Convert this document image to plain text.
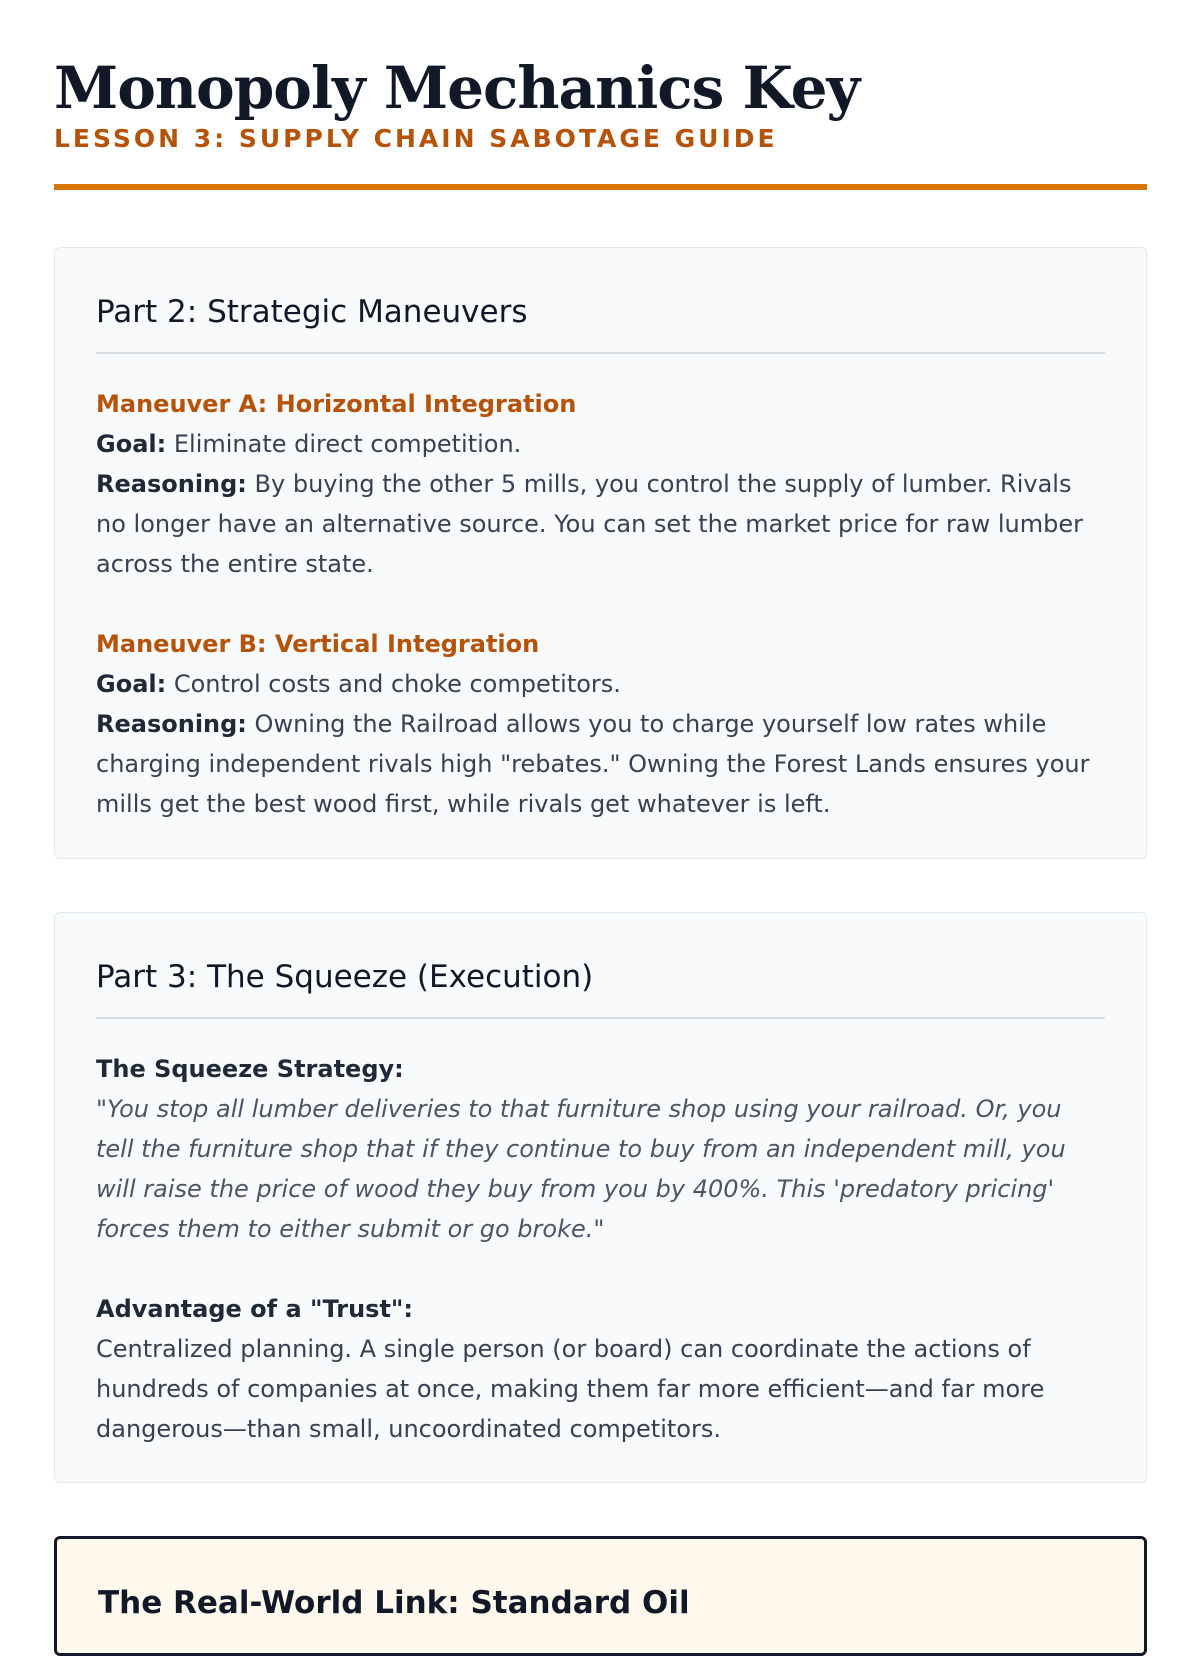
Monopoly Mechanics Key

LESSON 3: SUPPLY CHAIN SABOTAGE GUIDE

Part 2: Strategic Maneuvers

Maneuver A: Horizontal Integration

Goal: Eliminate direct competition.

Reasoning: By buying the other 5 mills, you control the supply of lumber. Rivals no longer have an alternative source. You can set the market price for raw lumber across the entire state.

Maneuver B: Vertical Integration

Goal: Control costs and choke competitors.

Reasoning: Owning the Railroad allows you to charge yourself low rates while charging independent rivals high "rebates." Owning the Forest Lands ensures your mills get the best wood first, while rivals get whatever is left.

Part 3: The Squeeze (Execution)

The Squeeze Strategy:

"You stop all lumber deliveries to that furniture shop using your railroad. Or, you tell the furniture shop that if they continue to buy from an independent mill, you will raise the price of wood they buy from you by 400%. This 'predatory pricing' forces them to either submit or go broke."

Advantage of a "Trust":

Centralized planning. A single person (or board) can coordinate the actions of hundreds of companies at once, making them far more efficient—and far more dangerous—than small, uncoordinated competitors.

The Real-World Link: Standard Oil
